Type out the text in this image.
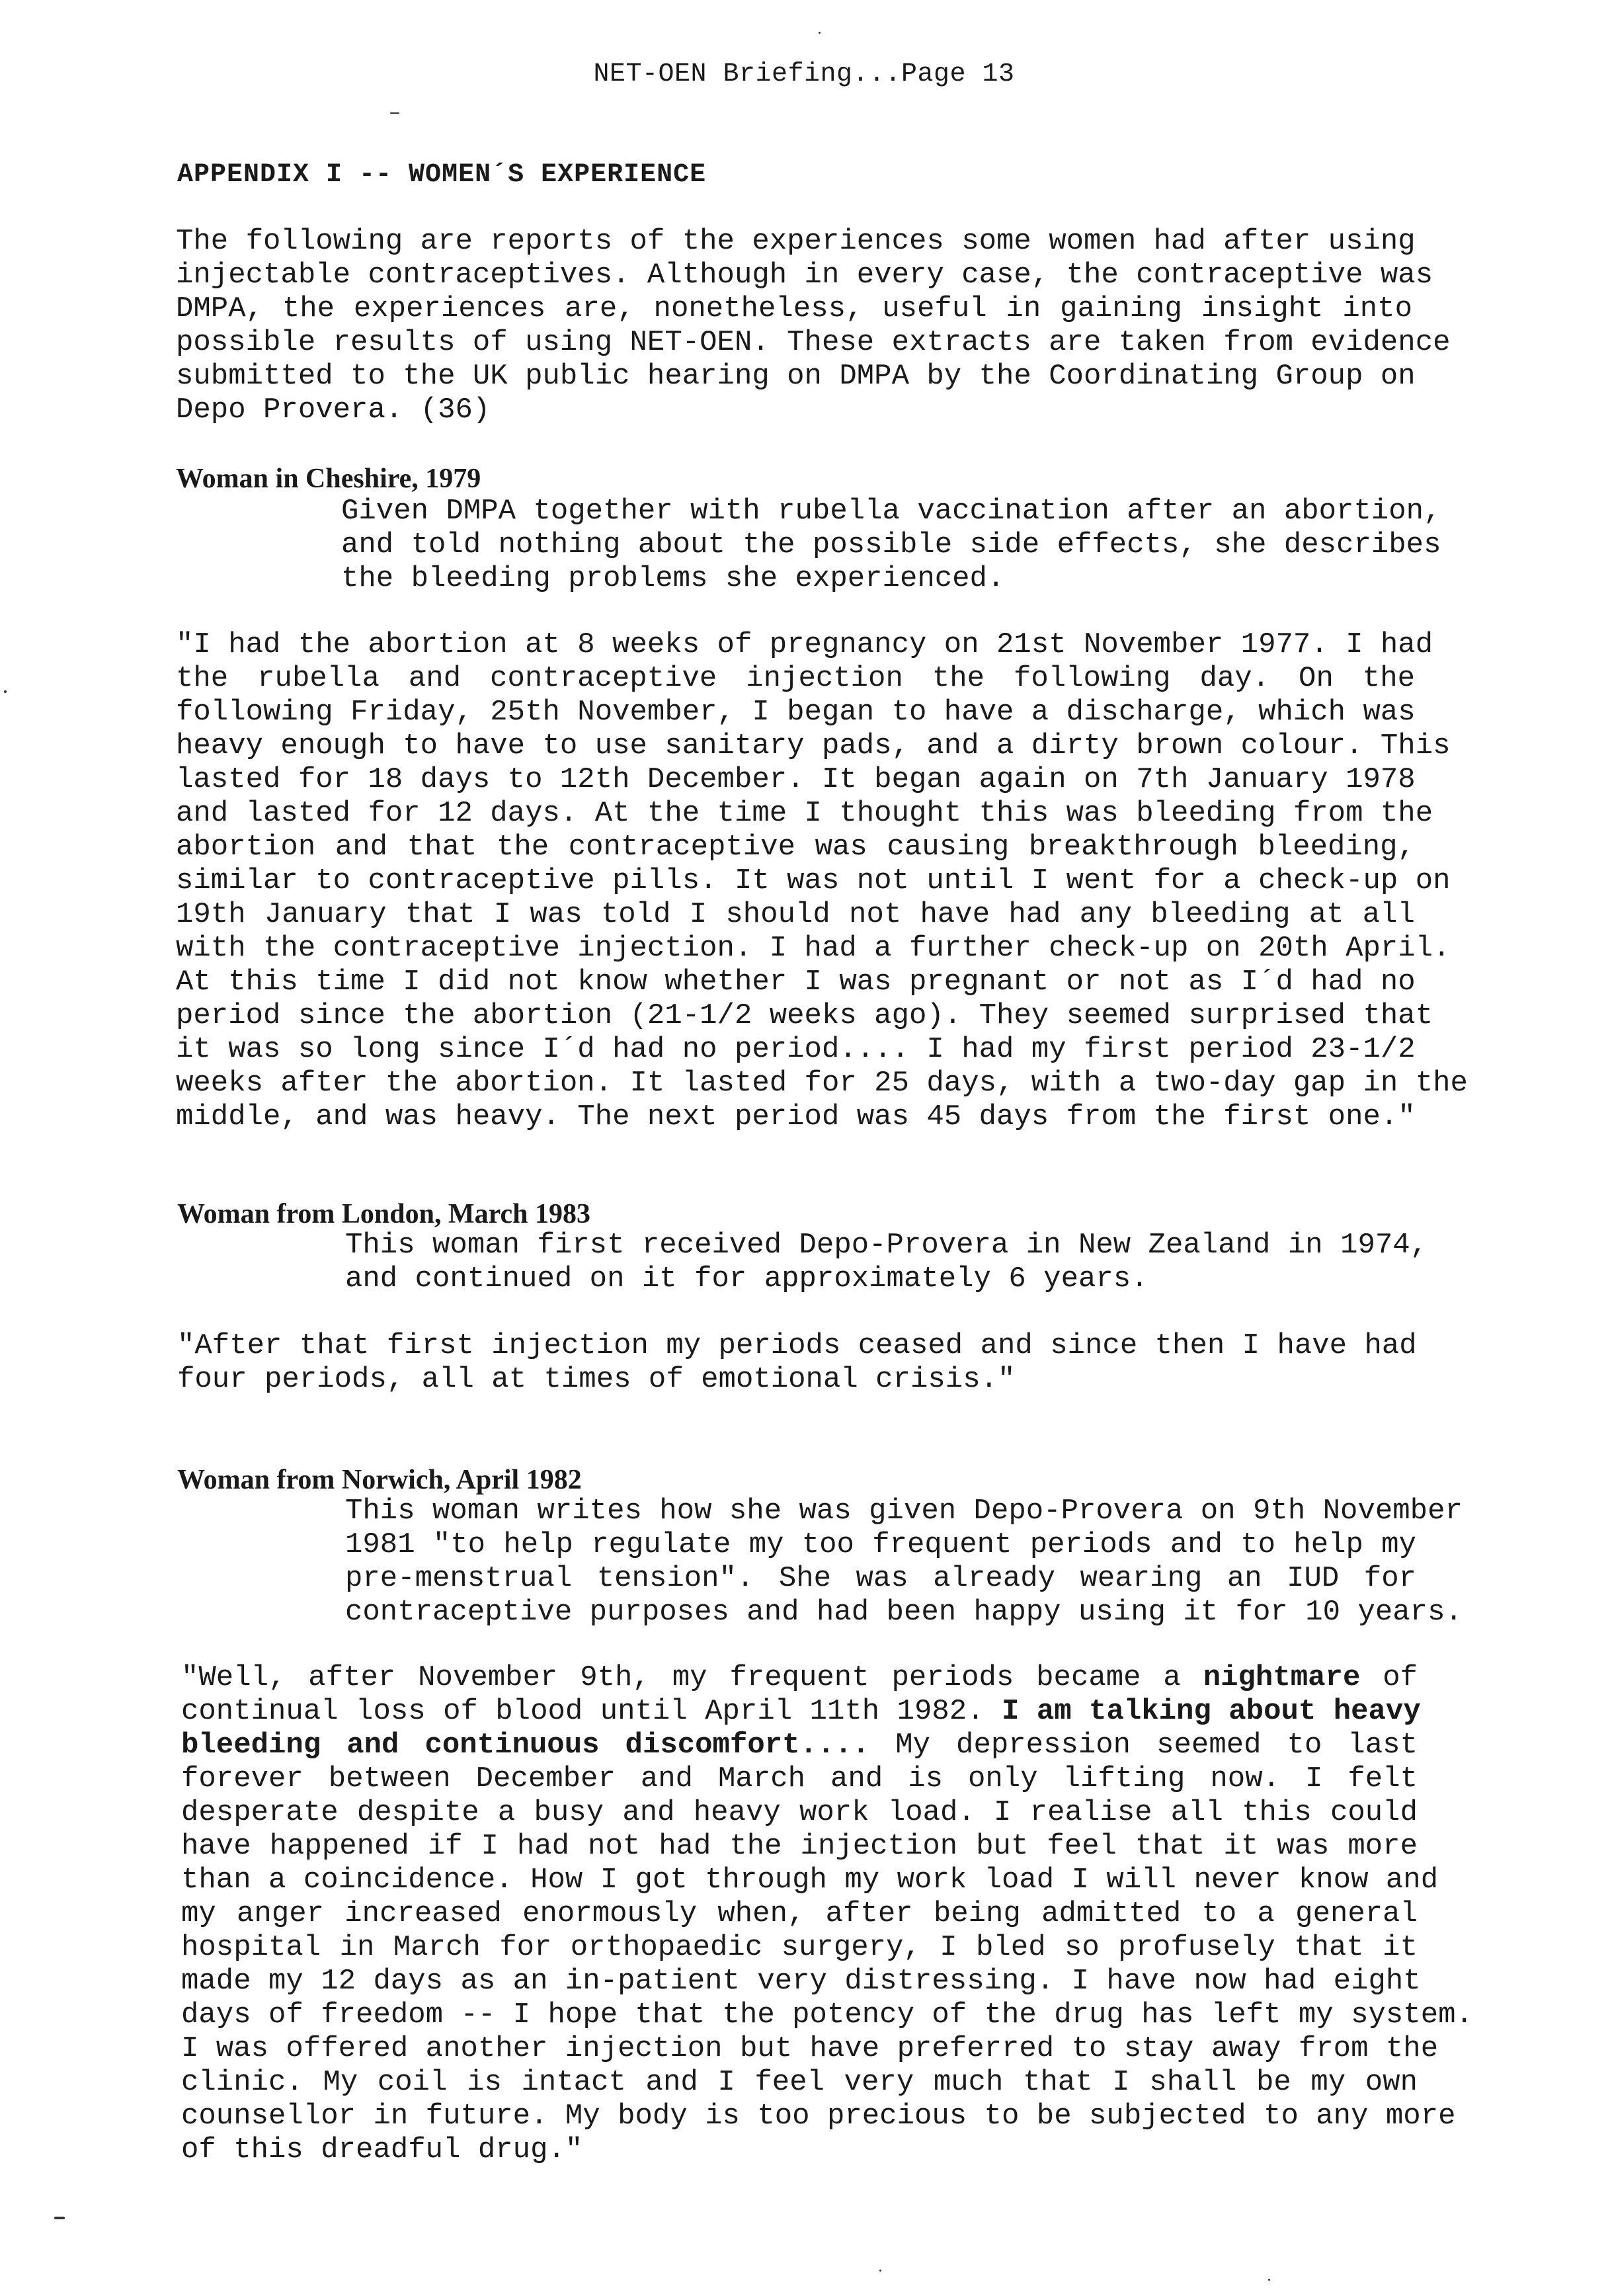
NET-OEN Briefing...Page 13
APPENDIX I -- WOMEN´S EXPERIENCE
The following are reports of the experiences some women had after using
injectable contraceptives. Although in every case, the contraceptive was
DMPA, the experiences are, nonetheless, useful in gaining insight into
possible results of using NET-OEN. These extracts are taken from evidence
submitted to the UK public hearing on DMPA by the Coordinating Group on
Depo Provera. (36)
Woman in Cheshire, 1979
Given DMPA together with rubella vaccination after an abortion,
and told nothing about the possible side effects, she describes
the bleeding problems she experienced.
"I had the abortion at 8 weeks of pregnancy on 21st November 1977. I had
the rubella and contraceptive injection the following day. On the
following Friday, 25th November, I began to have a discharge, which was
heavy enough to have to use sanitary pads, and a dirty brown colour. This
lasted for 18 days to 12th December. It began again on 7th January 1978
and lasted for 12 days. At the time I thought this was bleeding from the
abortion and that the contraceptive was causing breakthrough bleeding,
similar to contraceptive pills. It was not until I went for a check-up on
19th January that I was told I should not have had any bleeding at all
with the contraceptive injection. I had a further check-up on 20th April.
At this time I did not know whether I was pregnant or not as I´d had no
period since the abortion (21-1/2 weeks ago). They seemed surprised that
it was so long since I´d had no period.... I had my first period 23-1/2
weeks after the abortion. It lasted for 25 days, with a two-day gap in the
middle, and was heavy. The next period was 45 days from the first one."
Woman from London, March 1983
This woman first received Depo-Provera in New Zealand in 1974,
and continued on it for approximately 6 years.
"After that first injection my periods ceased and since then I have had
four periods, all at times of emotional crisis."
Woman from Norwich, April 1982
This woman writes how she was given Depo-Provera on 9th November
1981 "to help regulate my too frequent periods and to help my
pre-menstrual tension". She was already wearing an IUD for
contraceptive purposes and had been happy using it for 10 years.
"Well, after November 9th, my frequent periods became a nightmare of
continual loss of blood until April 11th 1982. I am talking about heavy
bleeding and continuous discomfort.... My depression seemed to last
forever between December and March and is only lifting now. I felt
desperate despite a busy and heavy work load. I realise all this could
have happened if I had not had the injection but feel that it was more
than a coincidence. How I got through my work load I will never know and
my anger increased enormously when, after being admitted to a general
hospital in March for orthopaedic surgery, I bled so profusely that it
made my 12 days as an in-patient very distressing. I have now had eight
days of freedom -- I hope that the potency of the drug has left my system.
I was offered another injection but have preferred to stay away from the
clinic. My coil is intact and I feel very much that I shall be my own
counsellor in future. My body is too precious to be subjected to any more
of this dreadful drug."
